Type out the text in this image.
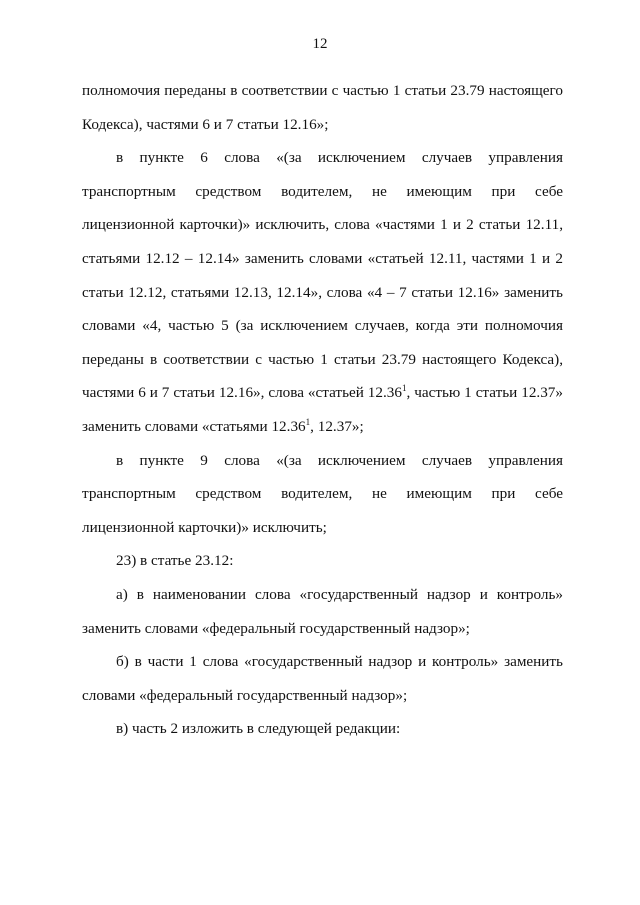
12

полномочия переданы в соответствии с частью 1 статьи 23.79 настоящего Кодекса), частями 6 и 7 статьи 12.16»;

в пункте 6 слова «(за исключением случаев управления транспортным средством водителем, не имеющим при себе лицензионной карточки)» исключить, слова «частями 1 и 2 статьи 12.11, статьями 12.12 – 12.14» заменить словами «статьей 12.11, частями 1 и 2 статьи 12.12, статьями 12.13, 12.14», слова «4 – 7 статьи 12.16» заменить словами «4, частью 5 (за исключением случаев, когда эти полномочия переданы в соответствии с частью 1 статьи 23.79 настоящего Кодекса), частями 6 и 7 статьи 12.16», слова «статьей 12.36$^1$, частью 1 статьи 12.37» заменить словами «статьями 12.36$^1$, 12.37»;

в пункте 9 слова «(за исключением случаев управления транспортным средством водителем, не имеющим при себе лицензионной карточки)» исключить;

23) в статье 23.12:

а) в наименовании слова «государственный надзор и контроль» заменить словами «федеральный государственный надзор»;

б) в части 1 слова «государственный надзор и контроль» заменить словами «федеральный государственный надзор»;

в) часть 2 изложить в следующей редакции:
